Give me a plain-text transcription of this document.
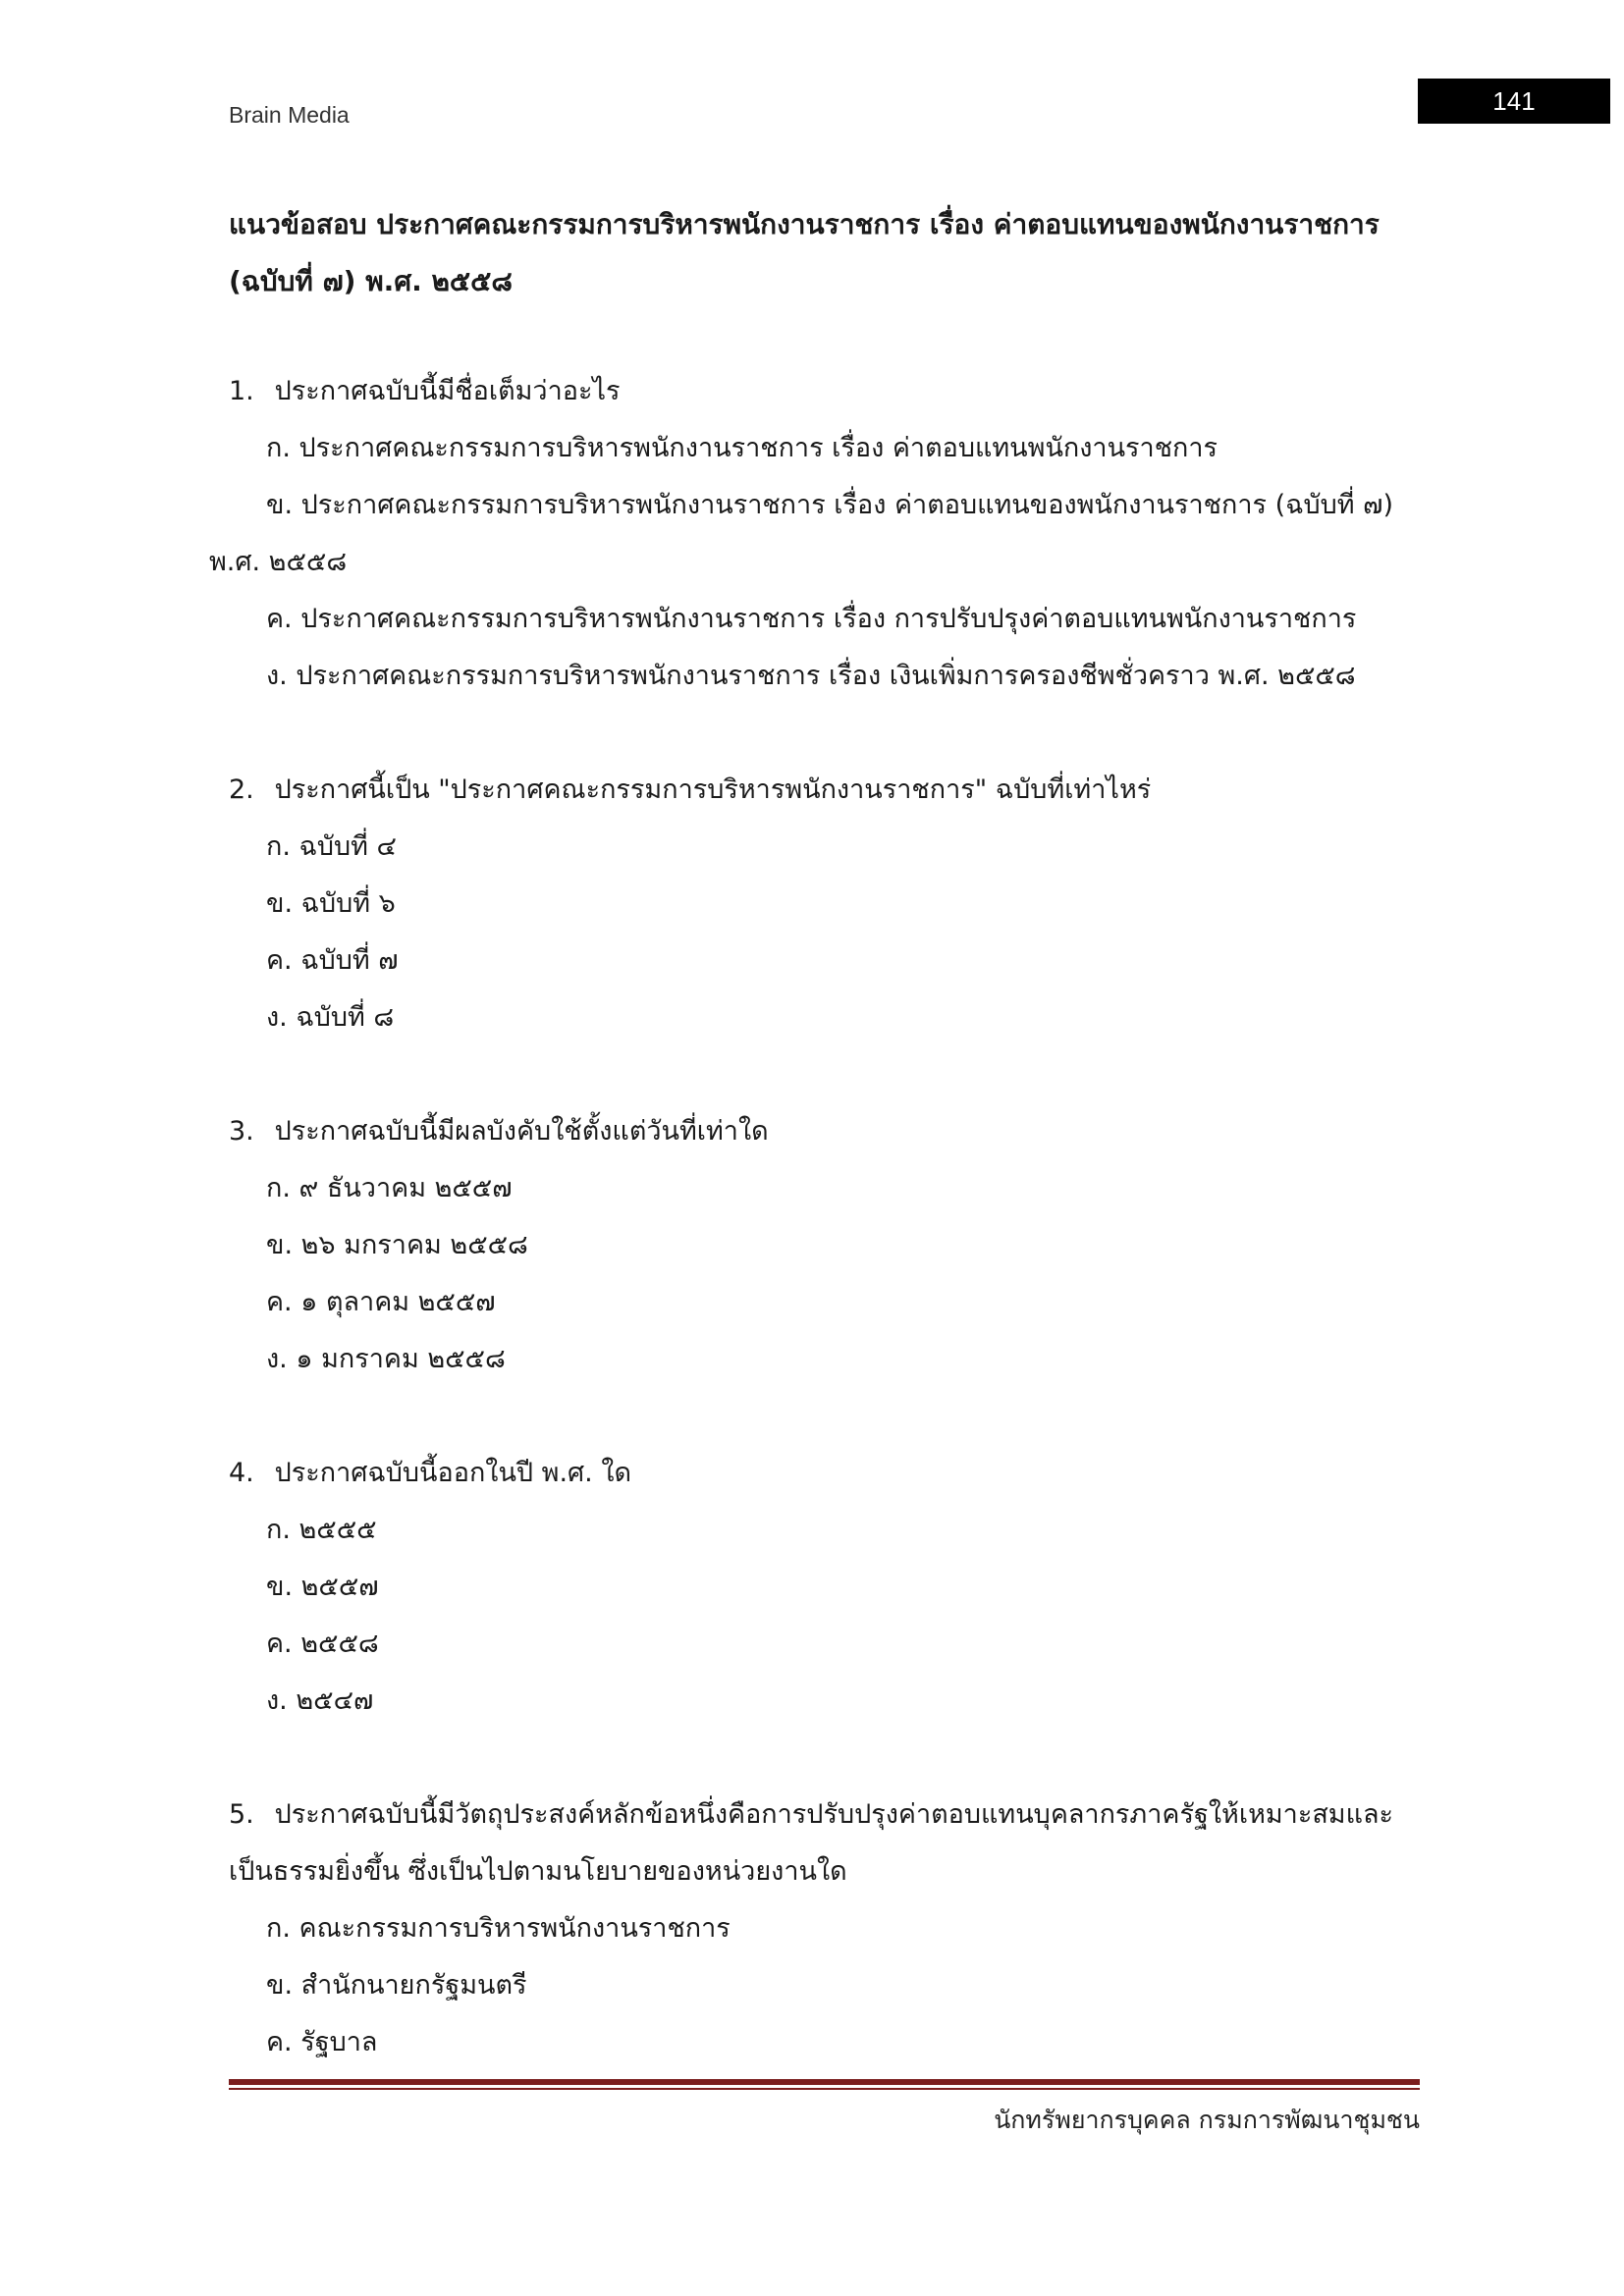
Brain Media	141
แนวข้อสอบ ประกาศคณะกรรมการบริหารพนักงานราชการ เรื่อง ค่าตอบแทนของพนักงานราชการ
(ฉบับที่ ๗) พ.ศ. ๒๕๕๘

1. ประกาศฉบับนี้มีชื่อเต็มว่าอะไร

ก. ประกาศคณะกรรมการบริหารพนักงานราชการ เรื่อง ค่าตอบแทนพนักงานราชการ

ข. ประกาศคณะกรรมการบริหารพนักงานราชการ เรื่อง ค่าตอบแทนของพนักงานราชการ (ฉบับที่ ๗)

พ.ศ. ๒๕๕๘

ค. ประกาศคณะกรรมการบริหารพนักงานราชการ เรื่อง การปรับปรุงค่าตอบแทนพนักงานราชการ

ง. ประกาศคณะกรรมการบริหารพนักงานราชการ เรื่อง เงินเพิ่มการครองชีพชั่วคราว พ.ศ. ๒๕๕๘

2. ประกาศนี้เป็น "ประกาศคณะกรรมการบริหารพนักงานราชการ" ฉบับที่เท่าไหร่

ก. ฉบับที่ ๔

ข. ฉบับที่ ๖

ค. ฉบับที่ ๗

ง. ฉบับที่ ๘

3. ประกาศฉบับนี้มีผลบังคับใช้ตั้งแต่วันที่เท่าใด

ก. ๙ ธันวาคม ๒๕๕๗

ข. ๒๖ มกราคม ๒๕๕๘

ค. ๑ ตุลาคม ๒๕๕๗

ง. ๑ มกราคม ๒๕๕๘

4. ประกาศฉบับนี้ออกในปี พ.ศ. ใด

ก. ๒๕๕๕

ข. ๒๕๕๗

ค. ๒๕๕๘

ง. ๒๕๔๗

5. ประกาศฉบับนี้มีวัตถุประสงค์หลักข้อหนึ่งคือการปรับปรุงค่าตอบแทนบุคลากรภาครัฐให้เหมาะสมและ

เป็นธรรมยิ่งขึ้น ซึ่งเป็นไปตามนโยบายของหน่วยงานใด

ก. คณะกรรมการบริหารพนักงานราชการ

ข. สำนักนายกรัฐมนตรี

ค. รัฐบาล

นักทรัพยากรบุคคล กรมการพัฒนาชุมชน
